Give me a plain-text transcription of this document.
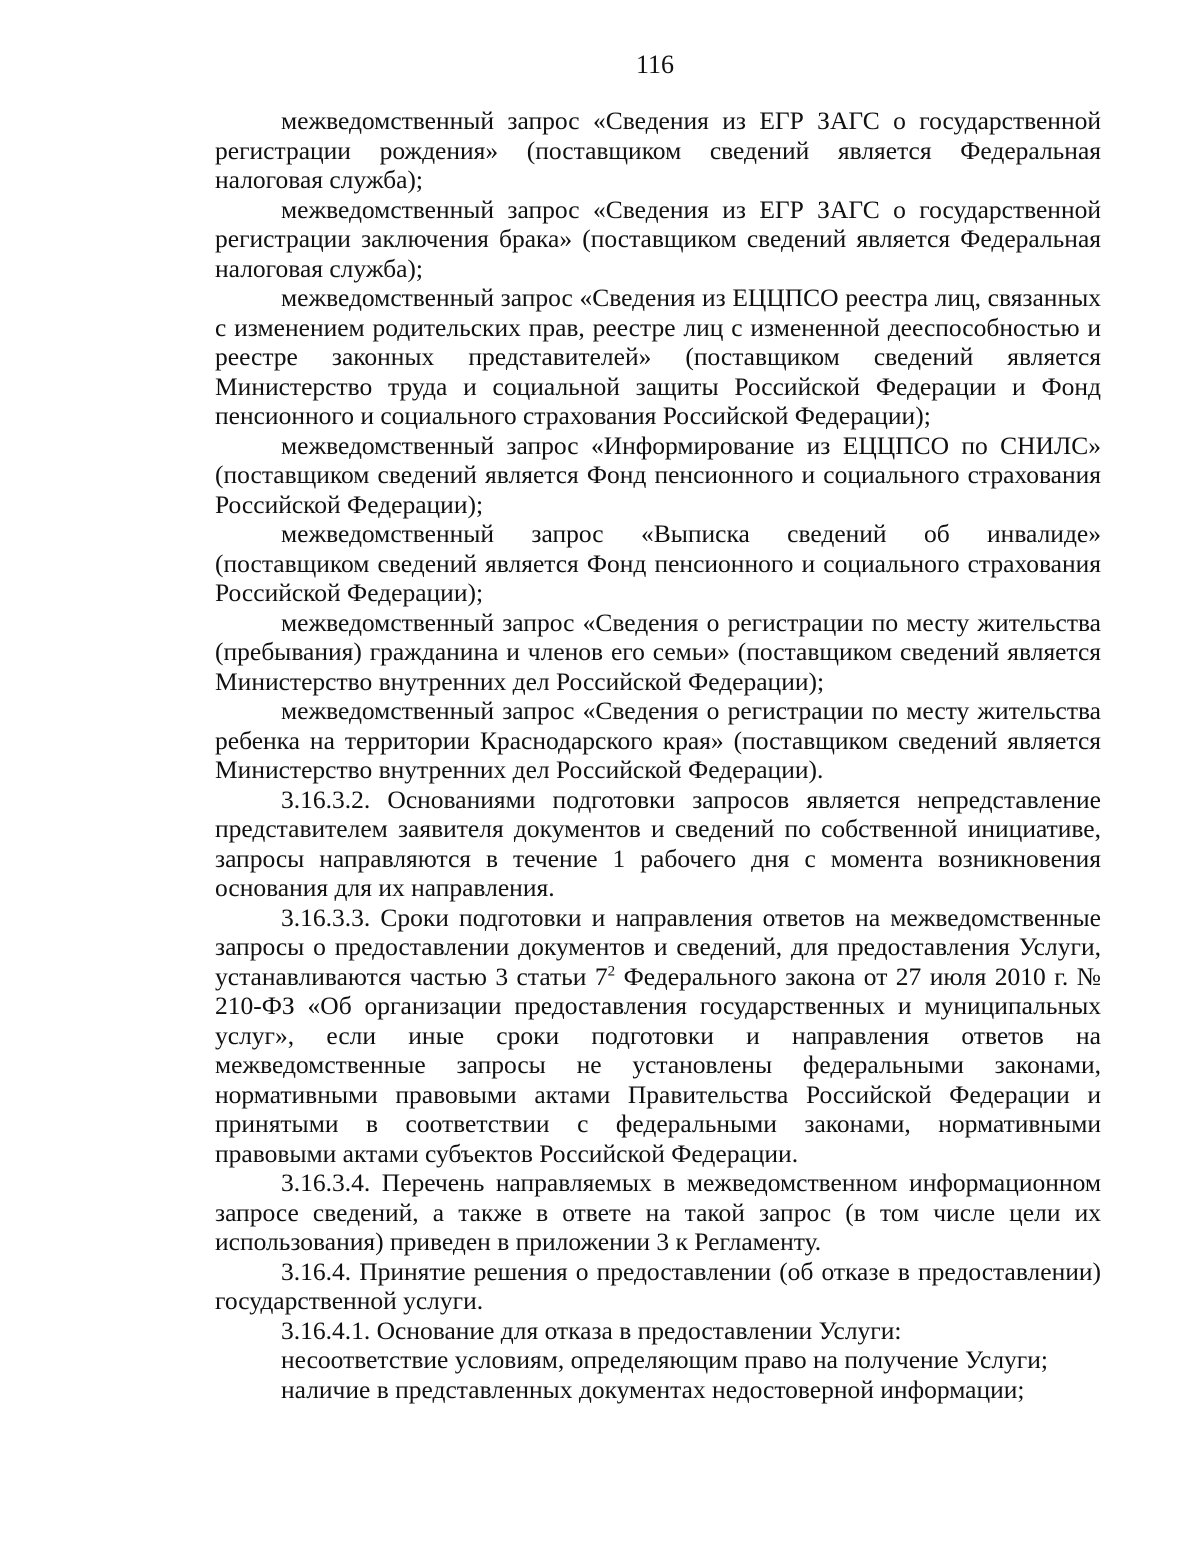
116

межведомственный запрос «Сведения из ЕГР ЗАГС о государственной регистрации рождения» (поставщиком сведений является Федеральная налоговая служба);

межведомственный запрос «Сведения из ЕГР ЗАГС о государственной регистрации заключения брака» (поставщиком сведений является Федеральная налоговая служба);

межведомственный запрос «Сведения из ЕЦЦПСО реестра лиц, связанных с изменением родительских прав, реестре лиц с измененной дееспособностью и реестре законных представителей» (поставщиком сведений является Министерство труда и социальной защиты Российской Федерации и Фонд пенсионного и социального страхования Российской Федерации);

межведомственный запрос «Информирование из ЕЦЦПСО по СНИЛС» (поставщиком сведений является Фонд пенсионного и социального страхования Российской Федерации);

межведомственный запрос «Выписка сведений об инвалиде» (поставщиком сведений является Фонд пенсионного и социального страхования Российской Федерации);

межведомственный запрос «Сведения о регистрации по месту жительства (пребывания) гражданина и членов его семьи» (поставщиком сведений является Министерство внутренних дел Российской Федерации);

межведомственный запрос «Сведения о регистрации по месту жительства ребенка на территории Краснодарского края» (поставщиком сведений является Министерство внутренних дел Российской Федерации).

3.16.3.2. Основаниями подготовки запросов является непредставление представителем заявителя документов и сведений по собственной инициативе, запросы направляются в течение 1 рабочего дня с момента возникновения основания для их направления.

3.16.3.3. Сроки подготовки и направления ответов на межведомственные запросы о предоставлении документов и сведений, для предоставления Услуги, устанавливаются частью 3 статьи $7^2$ Федерального закона от 27 июля 2010 г. № 210-ФЗ «Об организации предоставления государственных и муниципальных услуг», если иные сроки подготовки и направления ответов на межведомственные запросы не установлены федеральными законами, нормативными правовыми актами Правительства Российской Федерации и принятыми в соответствии с федеральными законами, нормативными правовыми актами субъектов Российской Федерации.

3.16.3.4. Перечень направляемых в межведомственном информационном запросе сведений, а также в ответе на такой запрос (в том числе цели их использования) приведен в приложении 3 к Регламенту.

3.16.4. Принятие решения о предоставлении (об отказе в предоставлении) государственной услуги.

3.16.4.1. Основание для отказа в предоставлении Услуги:

несоответствие условиям, определяющим право на получение Услуги;

наличие в представленных документах недостоверной информации;
